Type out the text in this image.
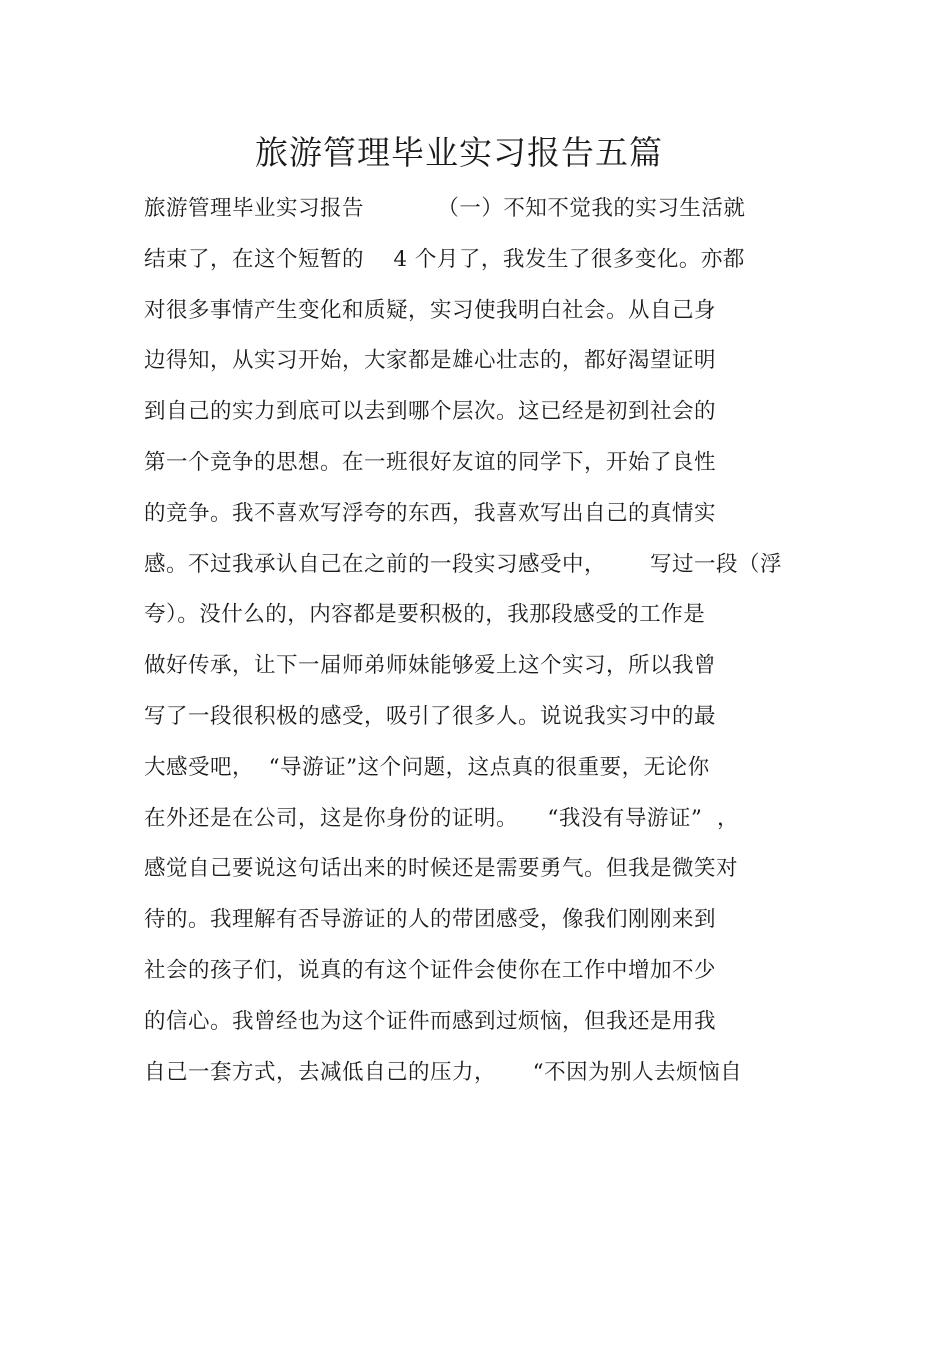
旅游管理毕业实习报告五篇
旅游管理毕业实习报告          （一）不知不觉我的实习生活就
结束了，在这个短暂的    4 个月了，我发生了很多变化。亦都
对很多事情产生变化和质疑，实习使我明白社会。从自己身
边得知，从实习开始，大家都是雄心壮志的，都好渴望证明
到自己的实力到底可以去到哪个层次。这已经是初到社会的
第一个竞争的思想。在一班很好友谊的同学下，开始了良性
的竞争。我不喜欢写浮夸的东西，我喜欢写出自己的真情实
感。不过我承认自己在之前的一段实习感受中，      写过一段（浮
夸）。没什么的，内容都是要积极的，我那段感受的工作是
做好传承，让下一届师弟师妹能够爱上这个实习，所以我曾
写了一段很积极的感受，吸引了很多人。说说我实习中的最
大感受吧，  “导游证”这个问题，这点真的很重要，无论你
在外还是在公司，这是你身份的证明。    “我没有导游证”  ，
感觉自己要说这句话出来的时候还是需要勇气。但我是微笑对
待的。我理解有否导游证的人的带团感受，像我们刚刚来到
社会的孩子们，说真的有这个证件会使你在工作中增加不少
的信心。我曾经也为这个证件而感到过烦恼，但我还是用我
自己一套方式，去减低自己的压力，     “不因为别人去烦恼自
